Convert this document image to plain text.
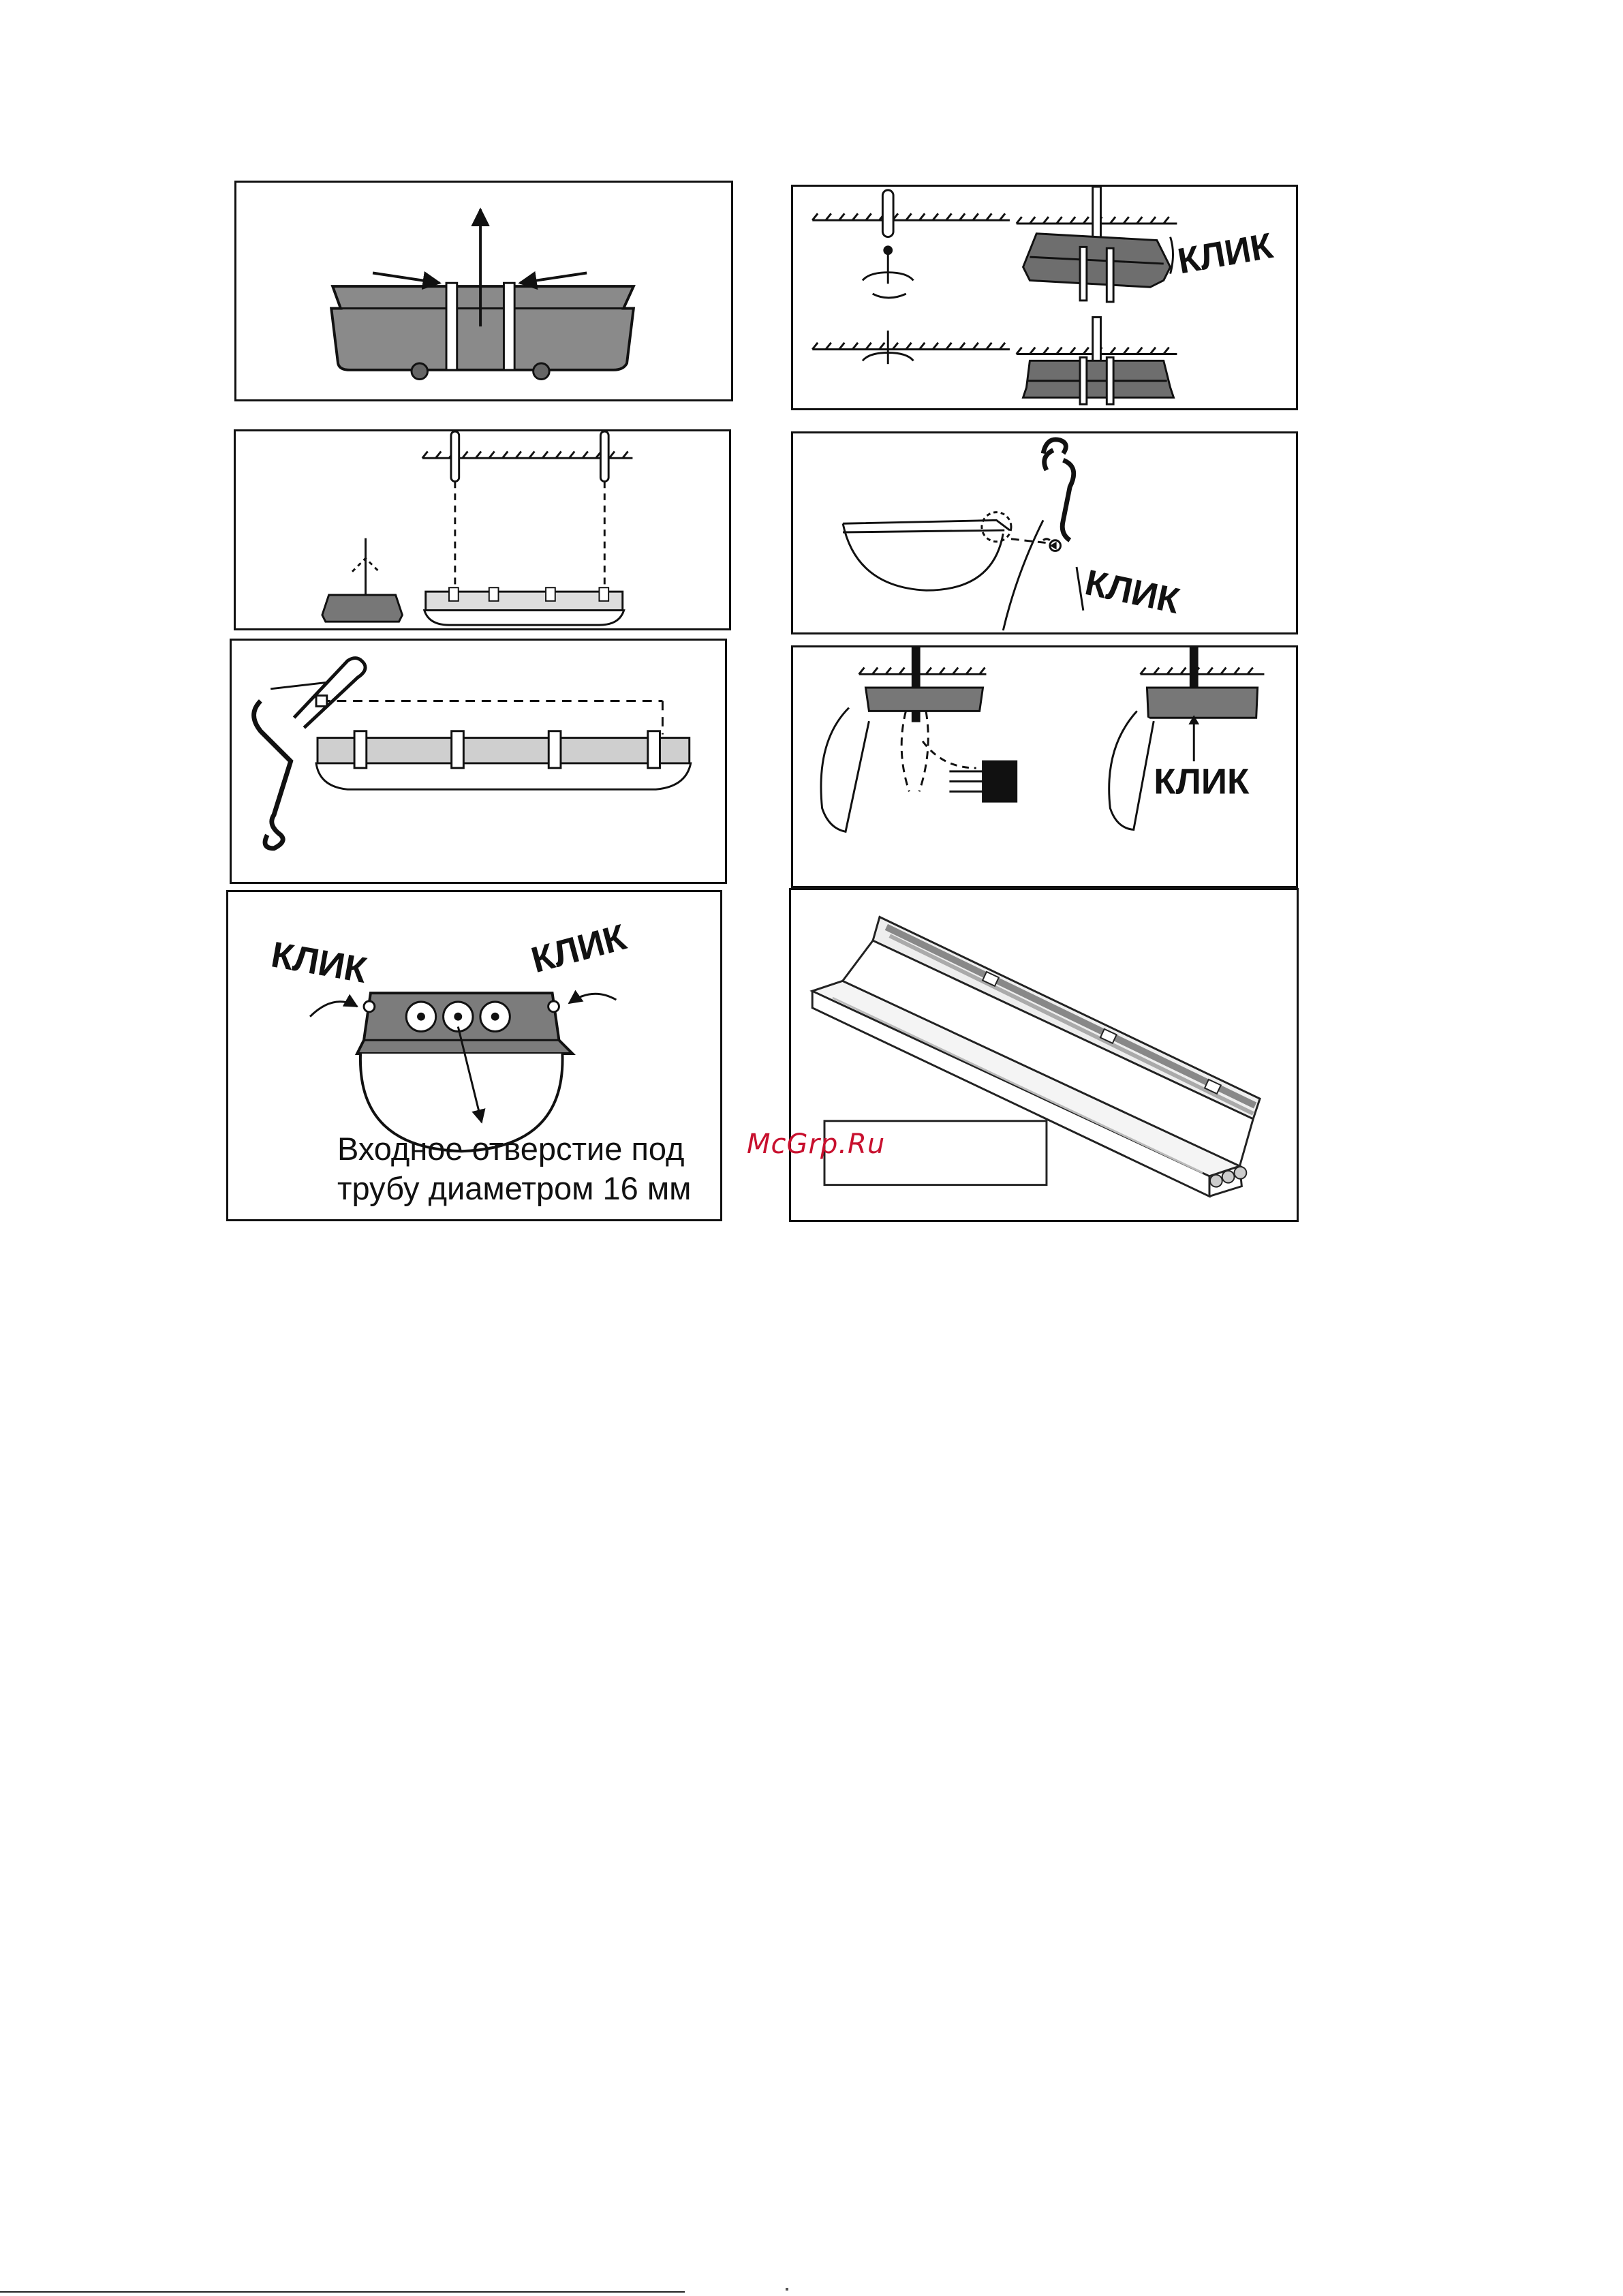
КЛИК
КЛИК
КЛИК
КЛИК	КЛИК
Входное отверстие под
трубу диаметром 16 мм
McGrp.Ru
